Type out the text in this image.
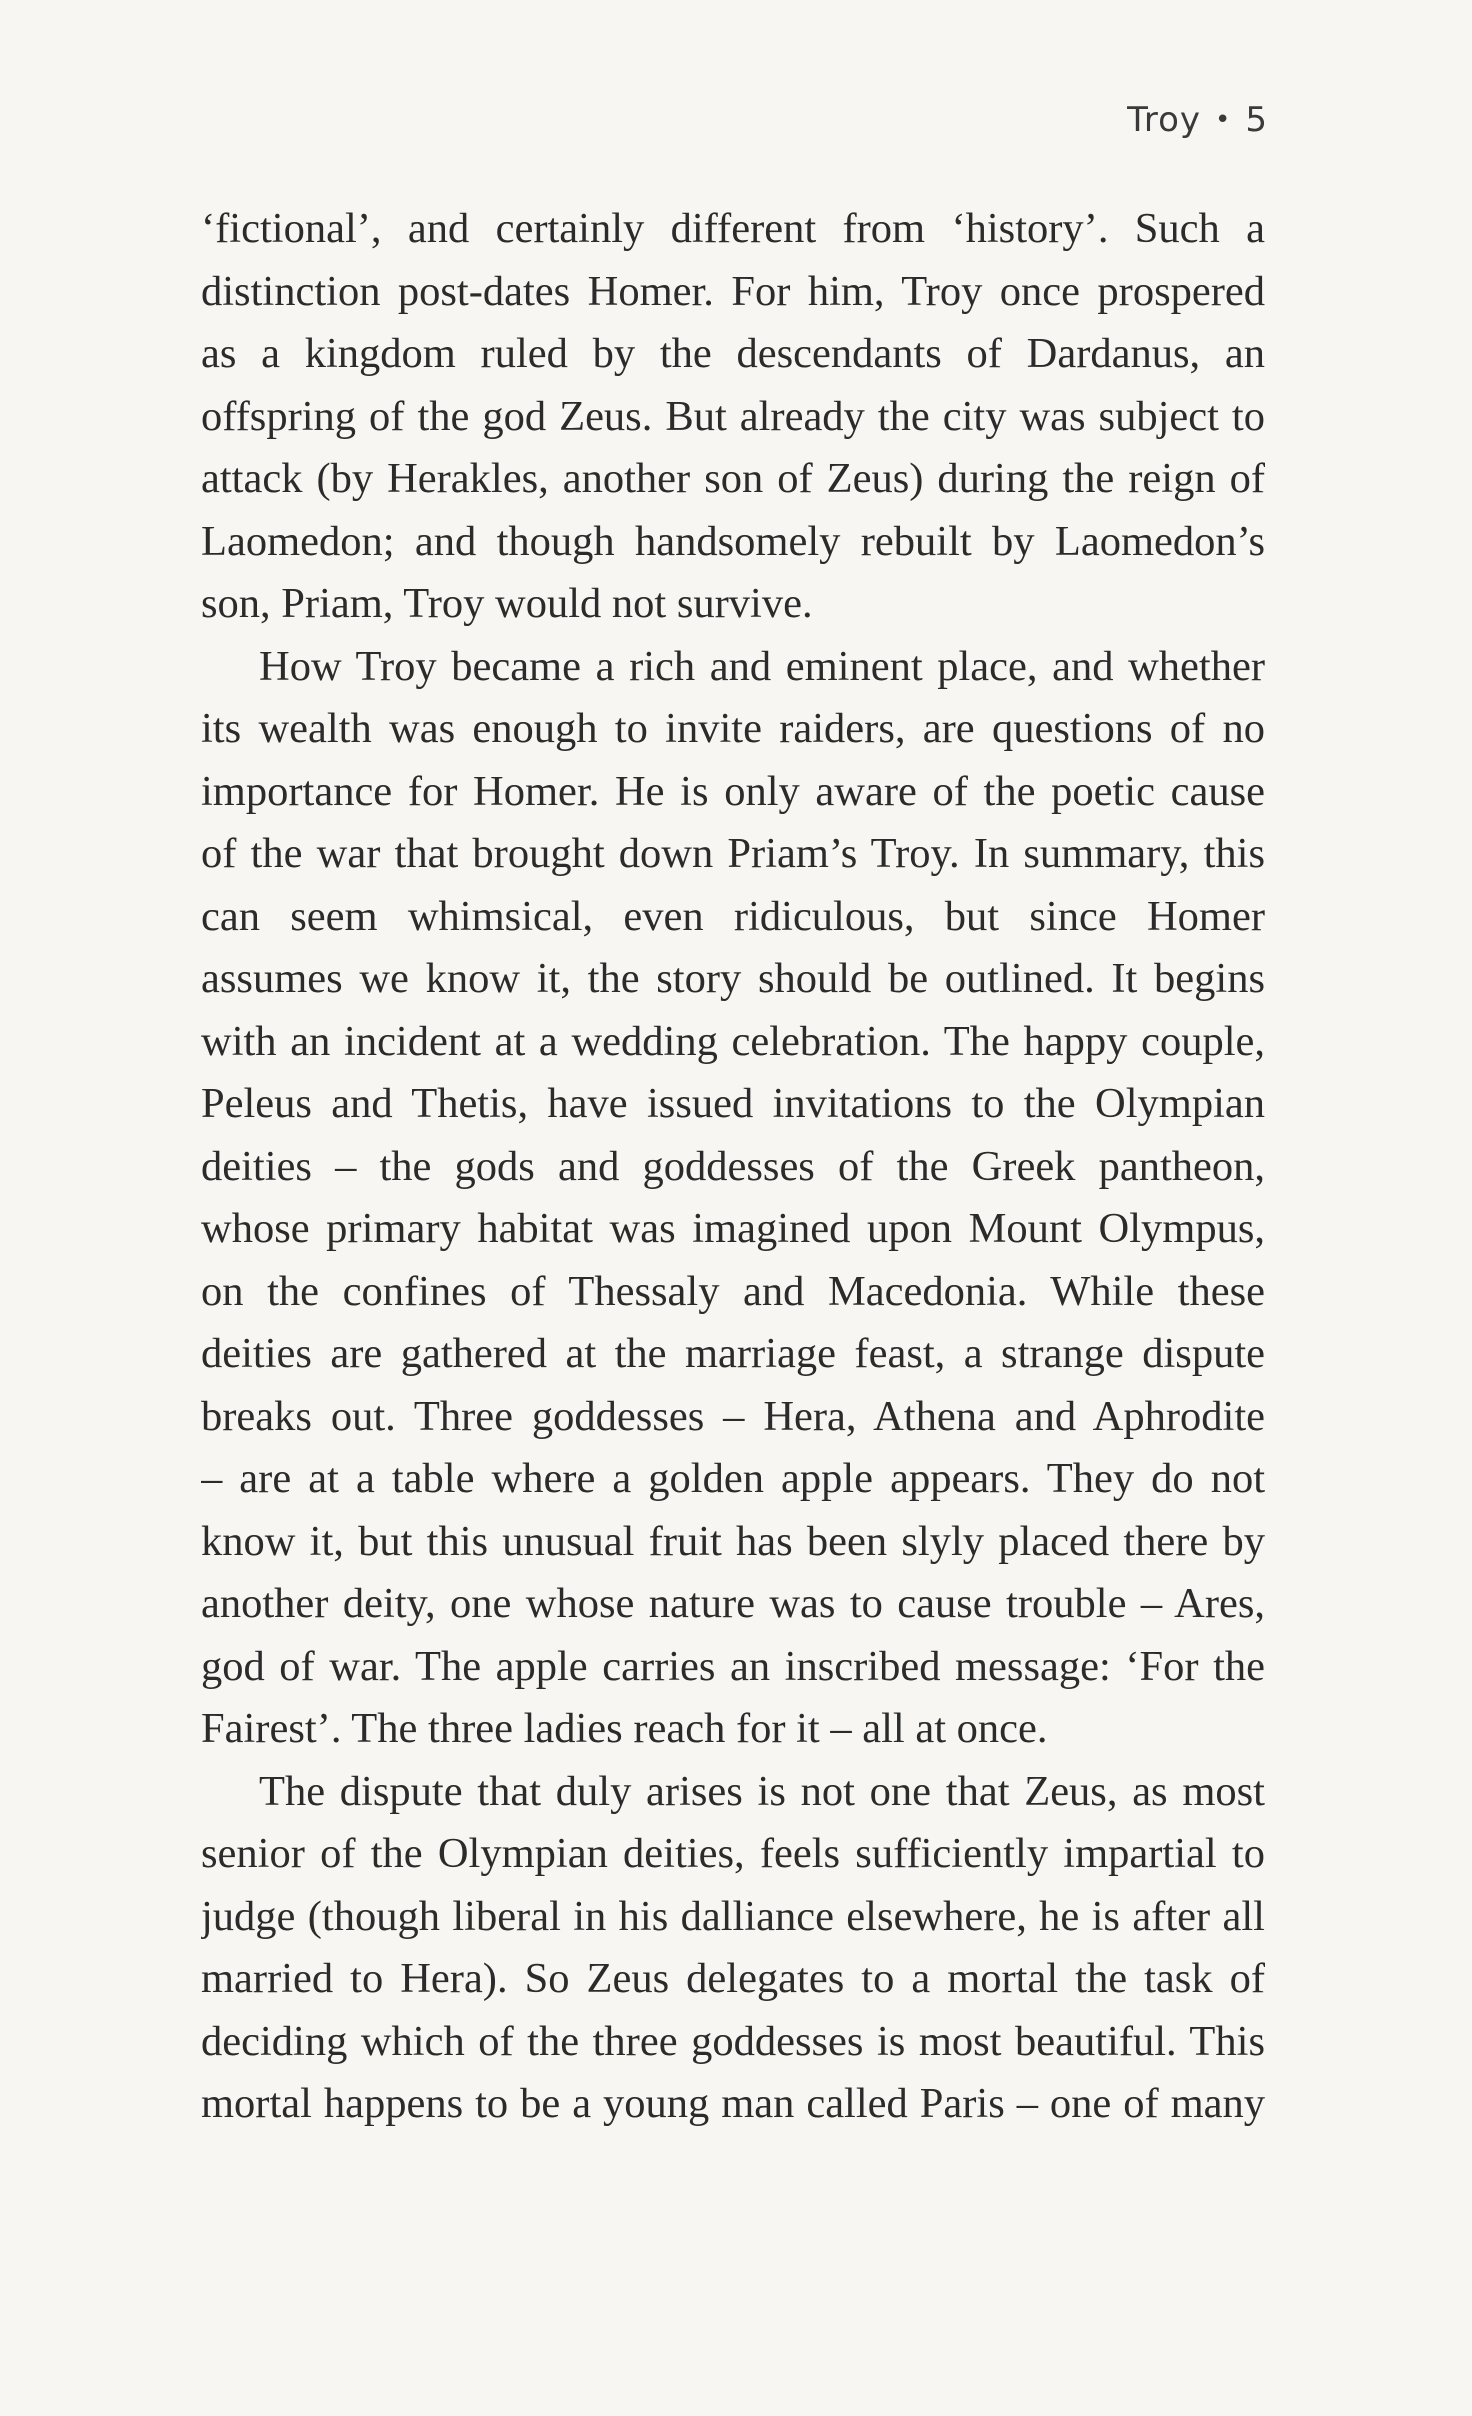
Troy • 5
‘fictional’, and certainly different from ‘history’. Such a
distinction post-dates Homer. For him, Troy once prospered
as a kingdom ruled by the descendants of Dardanus, an
offspring of the god Zeus. But already the city was subject to
attack (by Herakles, another son of Zeus) during the reign of
Laomedon; and though handsomely rebuilt by Laomedon’s
son, Priam, Troy would not survive.
How Troy became a rich and eminent place, and whether
its wealth was enough to invite raiders, are questions of no
importance for Homer. He is only aware of the poetic cause
of the war that brought down Priam’s Troy. In summary, this
can seem whimsical, even ridiculous, but since Homer
assumes we know it, the story should be outlined. It begins
with an incident at a wedding celebration. The happy couple,
Peleus and Thetis, have issued invitations to the Olympian
deities – the gods and goddesses of the Greek pantheon,
whose primary habitat was imagined upon Mount Olympus,
on the confines of Thessaly and Macedonia. While these
deities are gathered at the marriage feast, a strange dispute
breaks out. Three goddesses – Hera, Athena and Aphrodite
– are at a table where a golden apple appears. They do not
know it, but this unusual fruit has been slyly placed there by
another deity, one whose nature was to cause trouble – Ares,
god of war. The apple carries an inscribed message: ‘For the
Fairest’. The three ladies reach for it – all at once.
The dispute that duly arises is not one that Zeus, as most
senior of the Olympian deities, feels sufficiently impartial to
judge (though liberal in his dalliance elsewhere, he is after all
married to Hera). So Zeus delegates to a mortal the task of
deciding which of the three goddesses is most beautiful. This
mortal happens to be a young man called Paris – one of many
